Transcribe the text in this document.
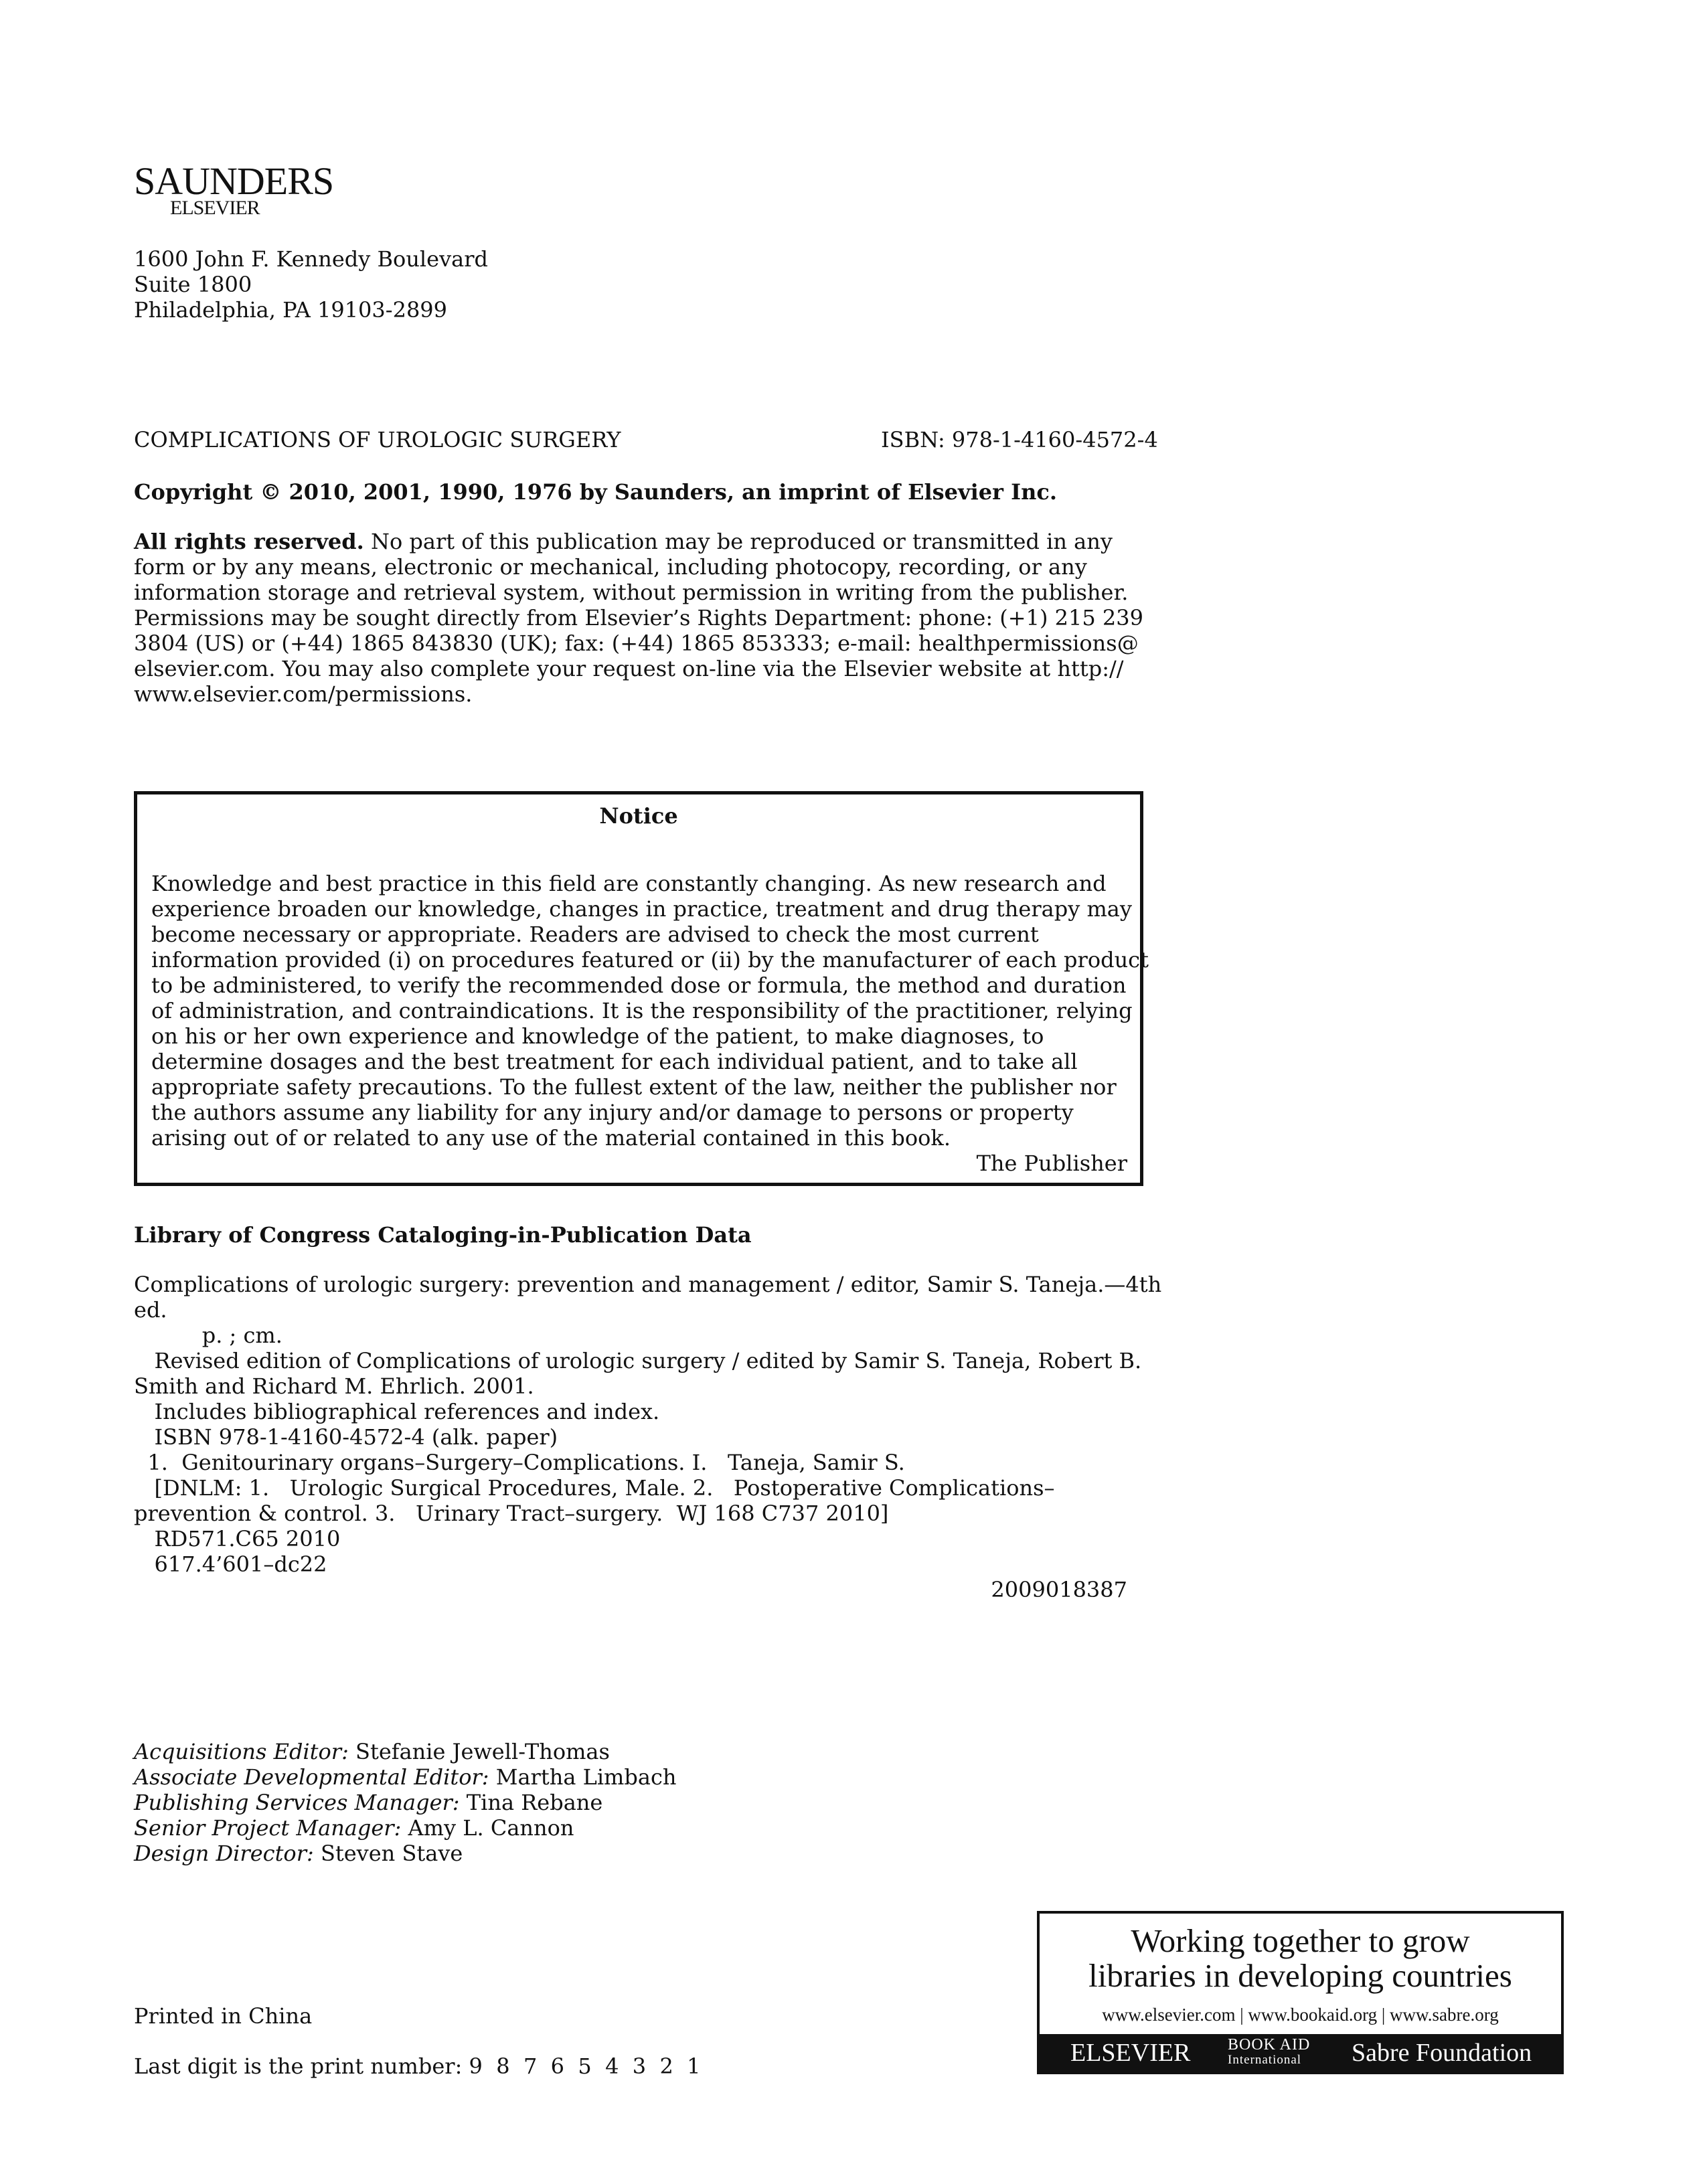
SAUNDERS
ELSEVIER
1600 John F. Kennedy Boulevard
Suite 1800
Philadelphia, PA 19103-2899
COMPLICATIONS OF UROLOGIC SURGERY	ISBN: 978-1-4160-4572-4
Copyright © 2010, 2001, 1990, 1976 by Saunders, an imprint of Elsevier Inc.
All rights reserved. No part of this publication may be reproduced or transmitted in any
form or by any means, electronic or mechanical, including photocopy, recording, or any
information storage and retrieval system, without permission in writing from the publisher.
Permissions may be sought directly from Elsevier’s Rights Department: phone: (+1) 215 239
3804 (US) or (+44) 1865 843830 (UK); fax: (+44) 1865 853333; e-mail: healthpermissions@
elsevier.com. You may also complete your request on-line via the Elsevier website at http://
www.elsevier.com/permissions.
Notice
Knowledge and best practice in this field are constantly changing. As new research and
experience broaden our knowledge, changes in practice, treatment and drug therapy may
become necessary or appropriate. Readers are advised to check the most current
information provided (i) on procedures featured or (ii) by the manufacturer of each product
to be administered, to verify the recommended dose or formula, the method and duration
of administration, and contraindications. It is the responsibility of the practitioner, relying
on his or her own experience and knowledge of the patient, to make diagnoses, to
determine dosages and the best treatment for each individual patient, and to take all
appropriate safety precautions. To the fullest extent of the law, neither the publisher nor
the authors assume any liability for any injury and/or damage to persons or property
arising out of or related to any use of the material contained in this book.
The Publisher
Library of Congress Cataloging-in-Publication Data
Complications of urologic surgery: prevention and management / editor, Samir S. Taneja.—4th
ed.
p. ; cm.
Revised edition of Complications of urologic surgery / edited by Samir S. Taneja, Robert B.
Smith and Richard M. Ehrlich. 2001.
Includes bibliographical references and index.
ISBN 978-1-4160-4572-4 (alk. paper)
1.  Genitourinary organs–Surgery–Complications. I.   Taneja, Samir S.
[DNLM: 1.   Urologic Surgical Procedures, Male. 2.   Postoperative Complications–
prevention & control. 3.   Urinary Tract–surgery.  WJ 168 C737 2010]
RD571.C65 2010
617.4’601–dc22
2009018387
Acquisitions Editor: Stefanie Jewell-Thomas
Associate Developmental Editor: Martha Limbach
Publishing Services Manager: Tina Rebane
Senior Project Manager: Amy L. Cannon
Design Director: Steven Stave
Printed in China
Last digit is the print number: 9  8  7  6  5  4  3  2  1
Working together to grow
libraries in developing countries
www.elsevier.com | www.bookaid.org | www.sabre.org
ELSEVIER BOOK AID
International Sabre Foundation
